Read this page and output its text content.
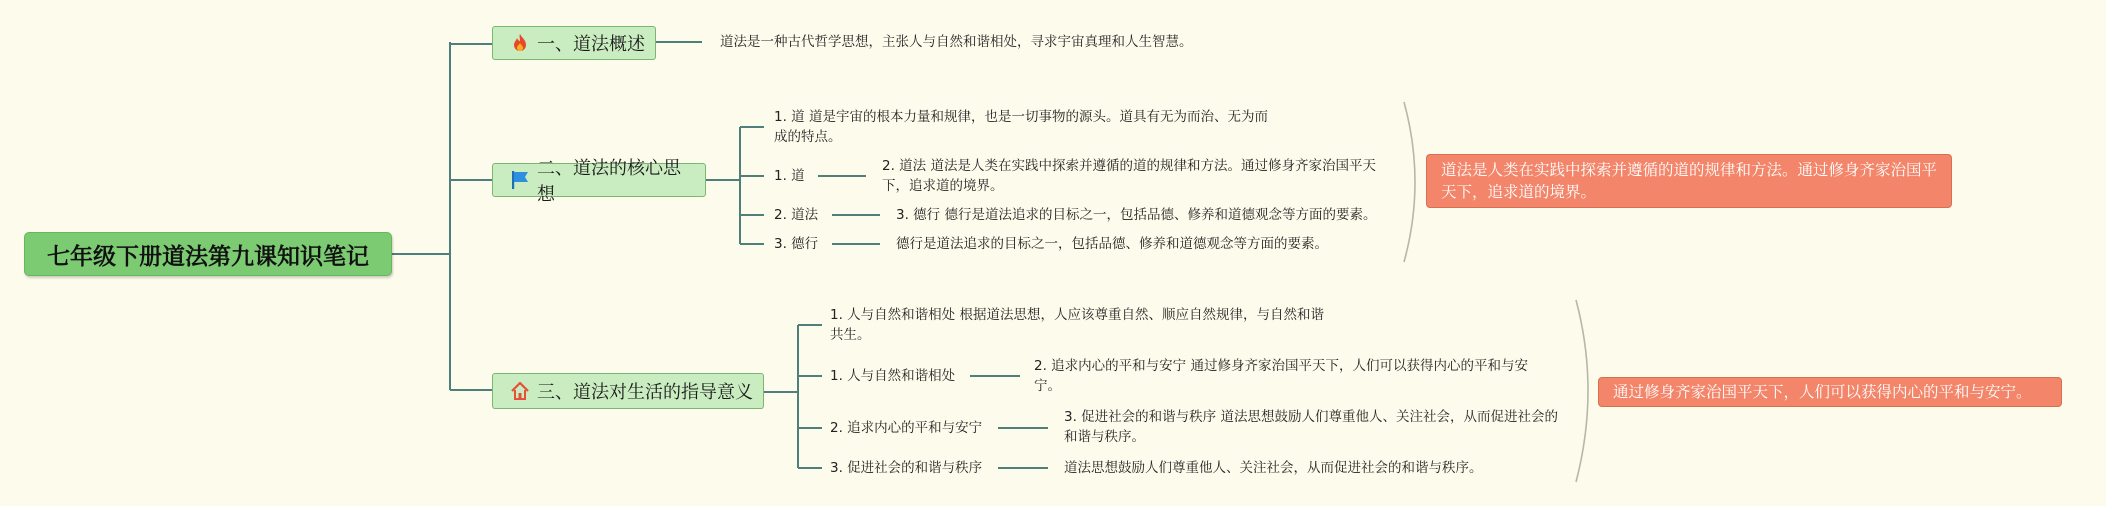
七年级下册道法第九课知识笔记
一、道法概述	道法是一种古代哲学思想，主张人与自然和谐相处，寻求宇宙真理和人生智慧。
二、道法的核心思想
1. 道 道是宇宙的根本力量和规律，也是一切事物的源头。道具有无为而治、无为而成的特点。
1. 道
2. 道法 道法是人类在实践中探索并遵循的道的规律和方法。通过修身齐家治国平天下，追求道的境界。
2. 道法	3. 德行 德行是道法追求的目标之一，包括品德、修养和道德观念等方面的要素。
3. 德行	德行是道法追求的目标之一，包括品德、修养和道德观念等方面的要素。
道法是人类在实践中探索并遵循的道的规律和方法。通过修身齐家治国平天下，追求道的境界。
三、道法对生活的指导意义
1. 人与自然和谐相处 根据道法思想，人应该尊重自然、顺应自然规律，与自然和谐共生。
1. 人与自然和谐相处
2. 追求内心的平和与安宁 通过修身齐家治国平天下，人们可以获得内心的平和与安宁。
2. 追求内心的平和与安宁
3. 促进社会的和谐与秩序 道法思想鼓励人们尊重他人、关注社会，从而促进社会的和谐与秩序。
3. 促进社会的和谐与秩序	道法思想鼓励人们尊重他人、关注社会，从而促进社会的和谐与秩序。
通过修身齐家治国平天下，人们可以获得内心的平和与安宁。
